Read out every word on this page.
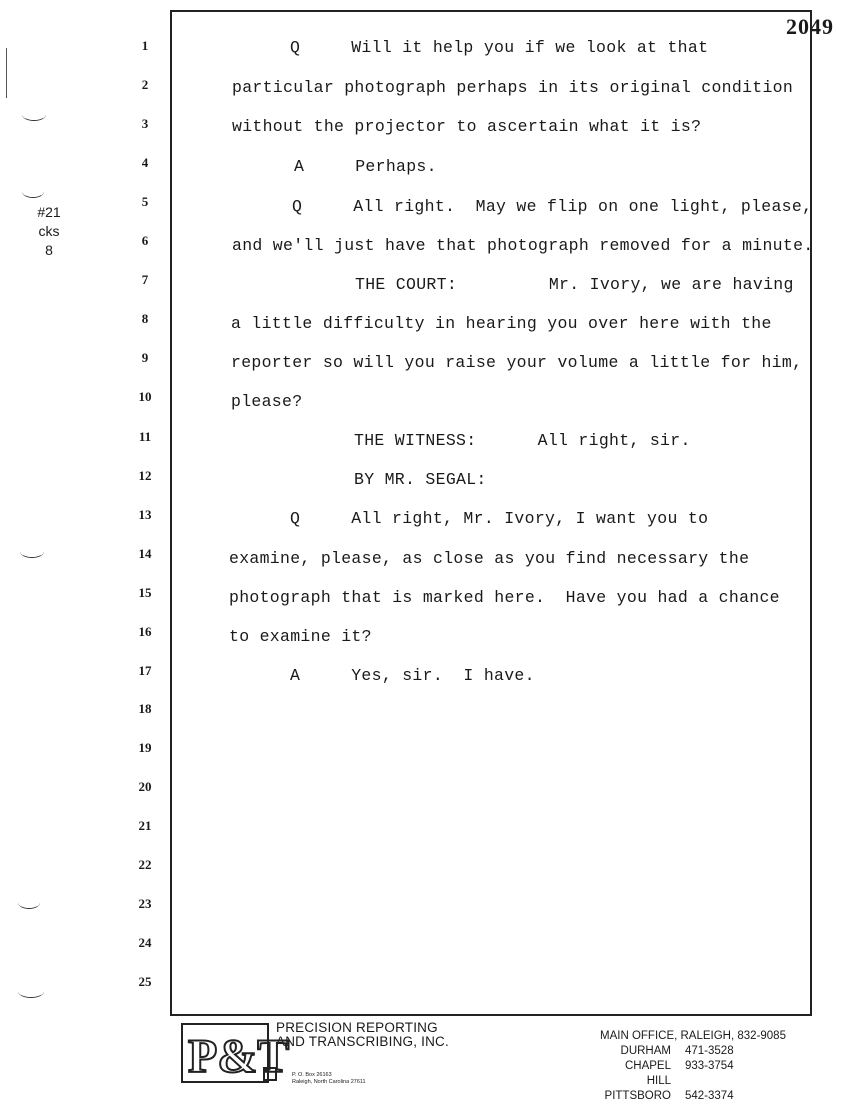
2049
#21
cks
8
1
2
3
4
5
6
7
8
9
10
11
12
13
14
15
16
17
18
19
20
21
22
23
24
25
Q     Will it help you if we look at that
particular photograph perhaps in its original condition
without the projector to ascertain what it is?
A     Perhaps.
Q     All right.  May we flip on one light, please,
and we'll just have that photograph removed for a minute.
THE COURT:         Mr. Ivory, we are having
a little difficulty in hearing you over here with the
reporter so will you raise your volume a little for him,
please?
THE WITNESS:      All right, sir.
BY MR. SEGAL:
Q     All right, Mr. Ivory, I want you to
examine, please, as close as you find necessary the
photograph that is marked here.  Have you had a chance
to examine it?
A     Yes, sir.  I have.
P&T
PRECISION REPORTING
AND TRANSCRIBING, INC.
P. O. Box 26163
Raleigh, North Carolina 27611
MAIN OFFICE, RALEIGH, 832-9085
DURHAM	471-3528
CHAPEL HILL
933-3754
PITTSBORO	542-3374
